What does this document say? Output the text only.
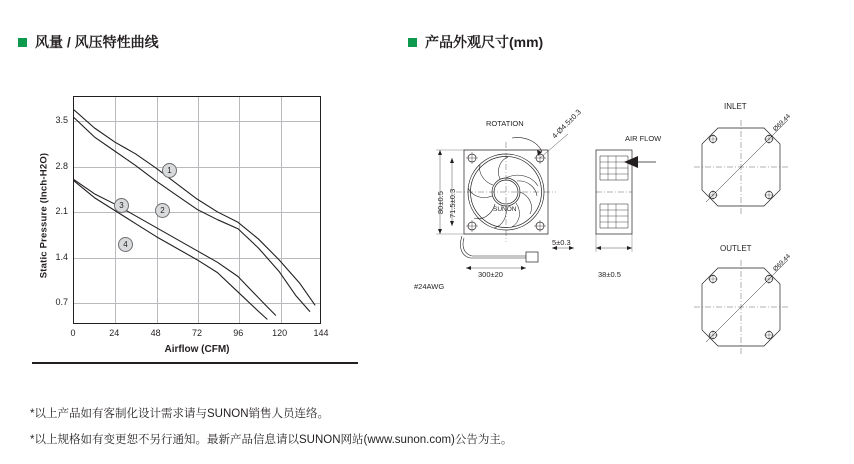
风量 / 风压特性曲线	产品外观尺寸(mm)
Static Pressure (Inch-H2O)
3.5
2.8
2.1
1.4
0.7
1
3
2
4
0	24	48	72	96	120	144
Airflow (CFM)
ROTATION	4-Ø4.5±0.3	AIR FLOW
SUNON
80±0.5 71.5±0.3
#24AWG
300±20
5±0.3
38±0.5
INLET
Ø69.44
OUTLET
Ø69.44
*以上产品如有客制化设计需求请与SUNON销售人员连络。
*以上规格如有变更恕不另行通知。最新产品信息请以SUNON网站(www.sunon.com)公告为主。
